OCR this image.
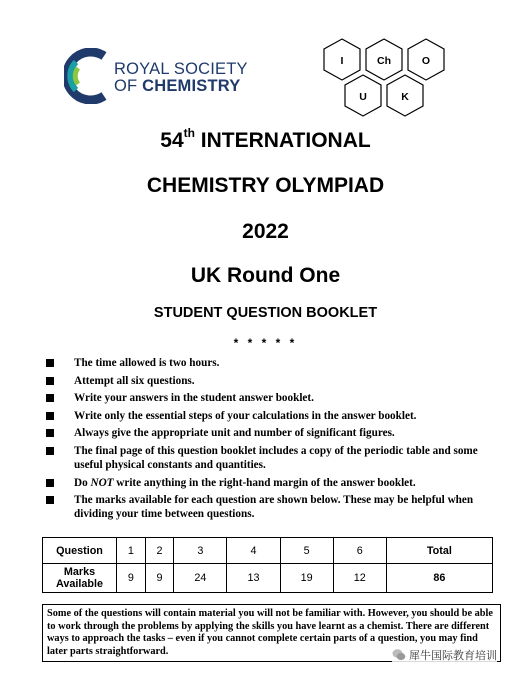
ROYAL SOCIETY
OF CHEMISTRY
I	Ch	O
U	K
54th INTERNATIONAL
CHEMISTRY OLYMPIAD
2022
UK Round One
STUDENT QUESTION BOOKLET
* * * * *
The time allowed is two hours.
Attempt all six questions.
Write your answers in the student answer booklet.
Write only the essential steps of your calculations in the answer booklet.
Always give the appropriate unit and number of significant figures.
The final page of this question booklet includes a copy of the periodic table and some useful physical constants and quantities.
Do NOT write anything in the right-hand margin of the answer booklet.
The marks available for each question are shown below. These may be helpful when dividing your time between questions.
Question	1	2	3	4	5	6	Total
Marks
Available	9	9	24	13	19	12	86
Some of the questions will contain material you will not be familiar with. However, you should be able to work through the problems by applying the skills you have learnt as a chemist. There are different ways to approach the tasks – even if you cannot complete certain parts of a question, you may find later parts straightforward.	犀牛国际教育培训
